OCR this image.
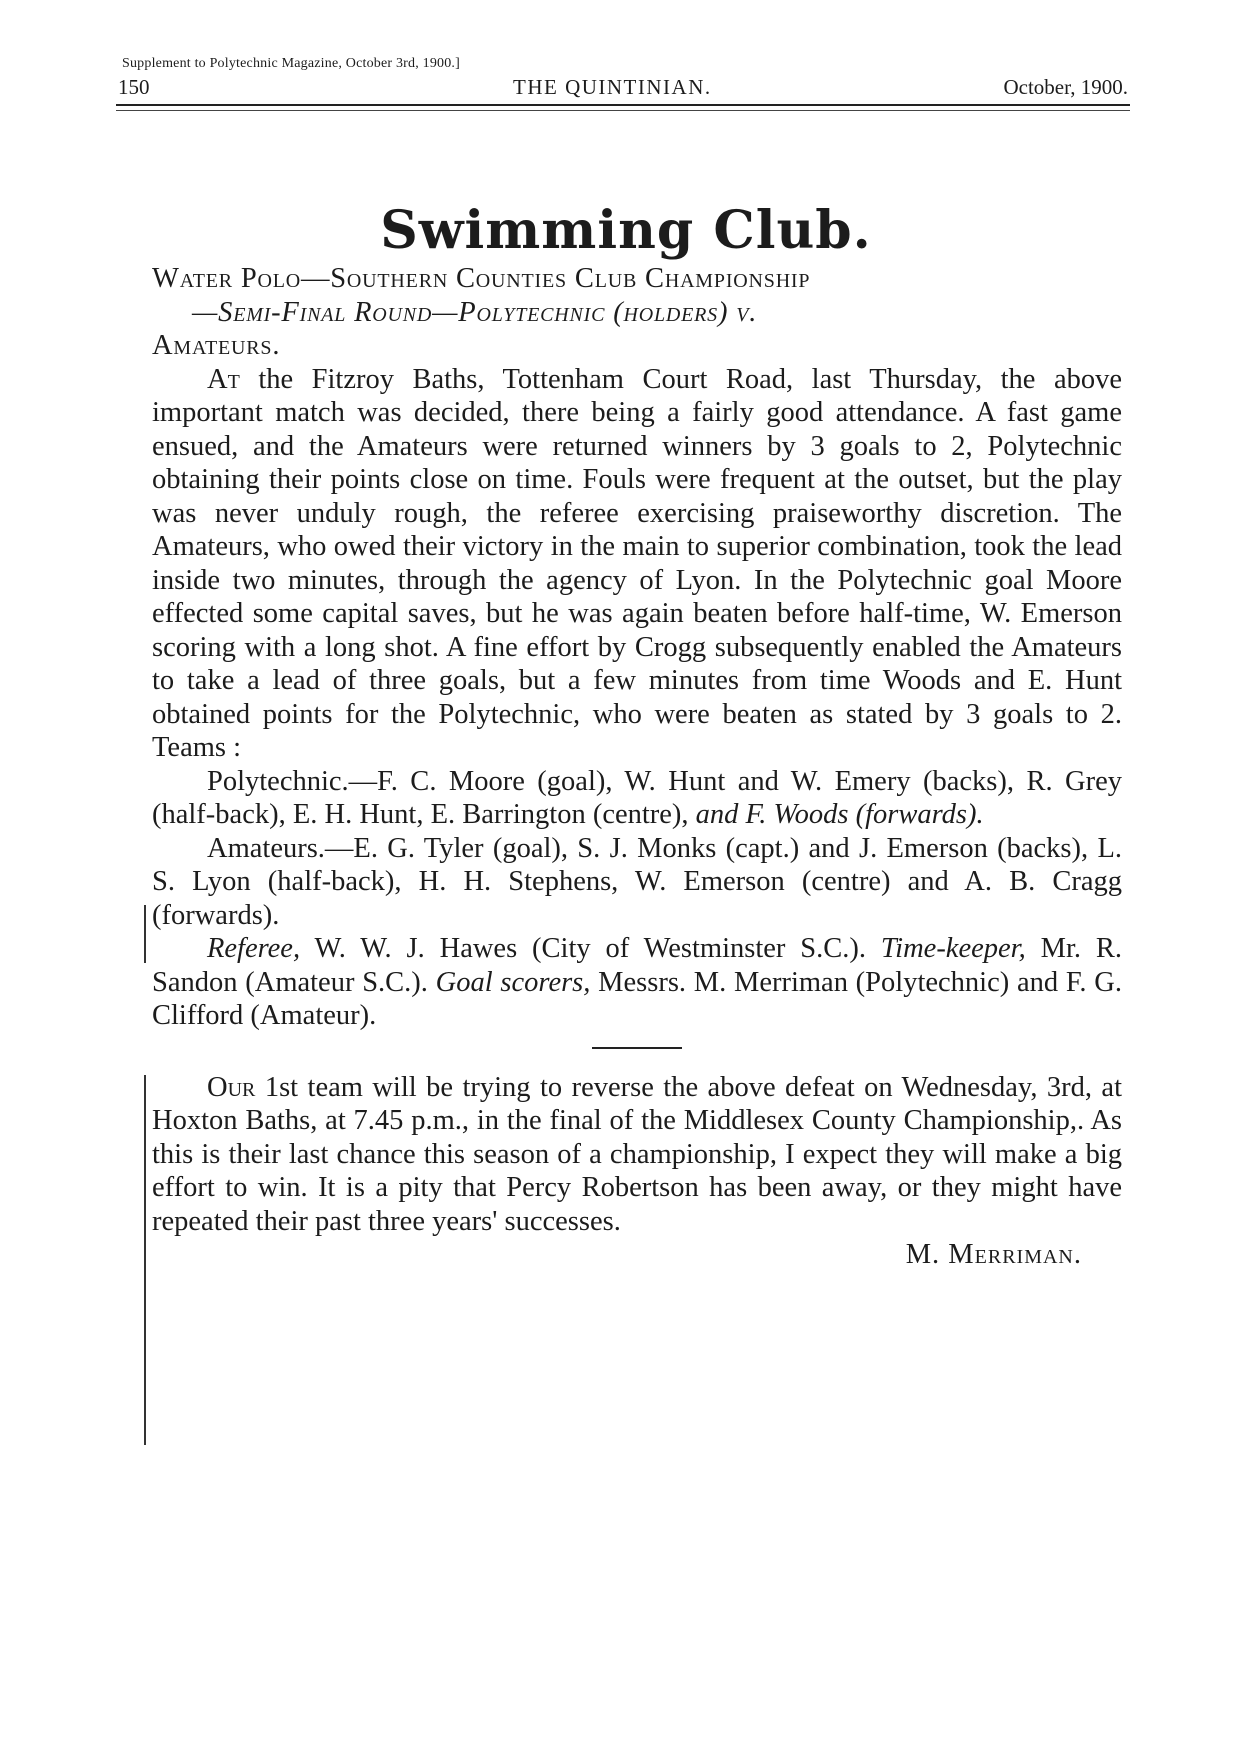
Supplement to Polytechnic Magazine, October 3rd, 1900.]
150	THE QUINTINIAN.	October, 1900.
Swimming Club.

Water Polo—Southern Counties Club Championship
—Semi-Final Round—Polytechnic (holders) v.
Amateurs.

At the Fitzroy Baths, Tottenham Court Road, last Thursday, the above important match was decided, there being a fairly good attendance. A fast game ensued, and the Amateurs were returned winners by 3 goals to 2, Polytechnic obtaining their points close on time. Fouls were frequent at the outset, but the play was never unduly rough, the referee exercising praiseworthy discretion. The Amateurs, who owed their victory in the main to superior combination, took the lead inside two minutes, through the agency of Lyon. In the Polytechnic goal Moore effected some capital saves, but he was again beaten before half-time, W. Emerson scoring with a long shot. A fine effort by Crogg subsequently enabled the Amateurs to take a lead of three goals, but a few minutes from time Woods and E. Hunt obtained points for the Polytechnic, who were beaten as stated by 3 goals to 2. Teams :

Polytechnic.—F. C. Moore (goal), W. Hunt and W. Emery (backs), R. Grey (half-back), E. H. Hunt, E. Barrington (centre), and F. Woods (forwards).

Amateurs.—E. G. Tyler (goal), S. J. Monks (capt.) and J. Emerson (backs), L. S. Lyon (half-back), H. H. Stephens, W. Emerson (centre) and A. B. Cragg (forwards).

Referee, W. W. J. Hawes (City of Westminster S.C.). Time-keeper, Mr. R. Sandon (Amateur S.C.). Goal scorers, Messrs. M. Merriman (Polytechnic) and F. G. Clifford (Amateur).

Our 1st team will be trying to reverse the above defeat on Wednesday, 3rd, at Hoxton Baths, at 7.45 p.m., in the final of the Middlesex County Championship,. As this is their last chance this season of a championship, I expect they will make a big effort to win. It is a pity that Percy Robertson has been away, or they might have repeated their past three years' successes.

M. Merriman.
